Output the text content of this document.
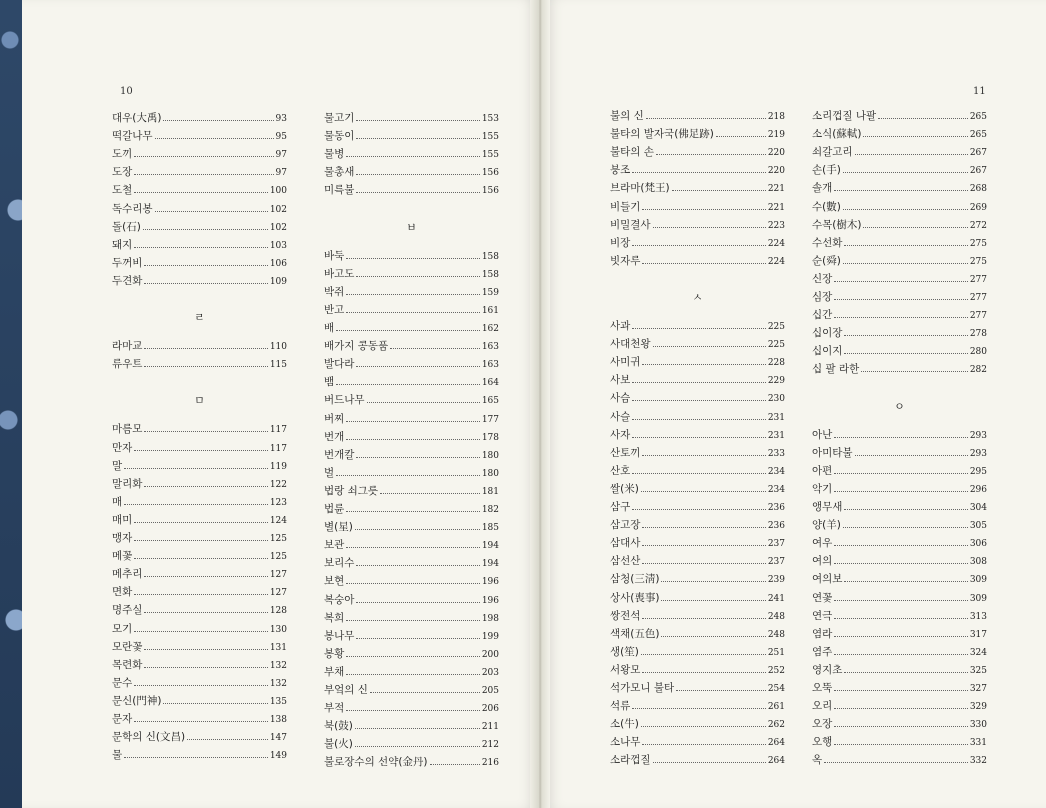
10	11
대우(大禹)	93
떡갈나무	95
도끼	97
도장	97
도철	100
독수리봉	102
돌(石)	102
돼지	103
두꺼비	106
두견화	109
ㄹ
라마교	110
류우트	115
ㅁ
마름모	117
만자	117
말	119
말리화	122
매	123
매미	124
맹자	125
메꽃	125
메추리	127
면화	127
명주실	128
모기	130
모란꽃	131
목련화	132
문수	132
문신(門神)	135
문자	138
문학의 신(文昌)	147
물	149
물고기	153
물동이	155
물병	155
물총새	156
미륵불	156
ㅂ
바둑	158
바고도	158
박쥐	159
반고	161
배	162
배가지 콩동품	163
발다라	163
뱀	164
버드나무	165
버찌	177
번개	178
번개칼	180
벌	180
법랑 쇠그릇	181
법륜	182
별(星)	185
보관	194
보리수	194
보현	196
복숭아	196
복희	198
봉나무	199
봉황	200
부채	203
부엌의 신	205
부적	206
북(鼓)	211
불(火)	212
불로장수의 선약(金丹)	216
불의 신	218
불타의 발자국(佛足跡)	219
불타의 손	220
붕조	220
브라마(梵王)	221
비들기	221
비밀결사	223
비장	224
빗자루	224
ㅅ
사과	225
사대천왕	225
사미귀	228
사보	229
사슴	230
사슬	231
사자	231
산토끼	233
산호	234
쌀(米)	234
삼구	236
삼고장	236
삼대사	237
삼선산	237
삼청(三淸)	239
상사(喪事)	241
쌍전석	248
색채(五色)	248
생(笙)	251
서왕모	252
석가모니 불타	254
석류	261
소(牛)	262
소나무	264
소라껍질	264
소리껍질 나팔	265
소식(蘇軾)	265
쇠갈고리	267
손(手)	267
솔개	268
수(數)	269
수목(樹木)	272
수선화	275
순(舜)	275
신장	277
심장	277
십간	277
십이장	278
십이지	280
십 팔 라한	282
ㅇ
아난	293
아미타불	293
아편	295
악기	296
앵무새	304
양(羊)	305
여우	306
여의	308
여의보	309
연꽃	309
연극	313
염라	317
염주	324
영지초	325
오뚝	327
오리	329
오장	330
오행	331
옥	332
